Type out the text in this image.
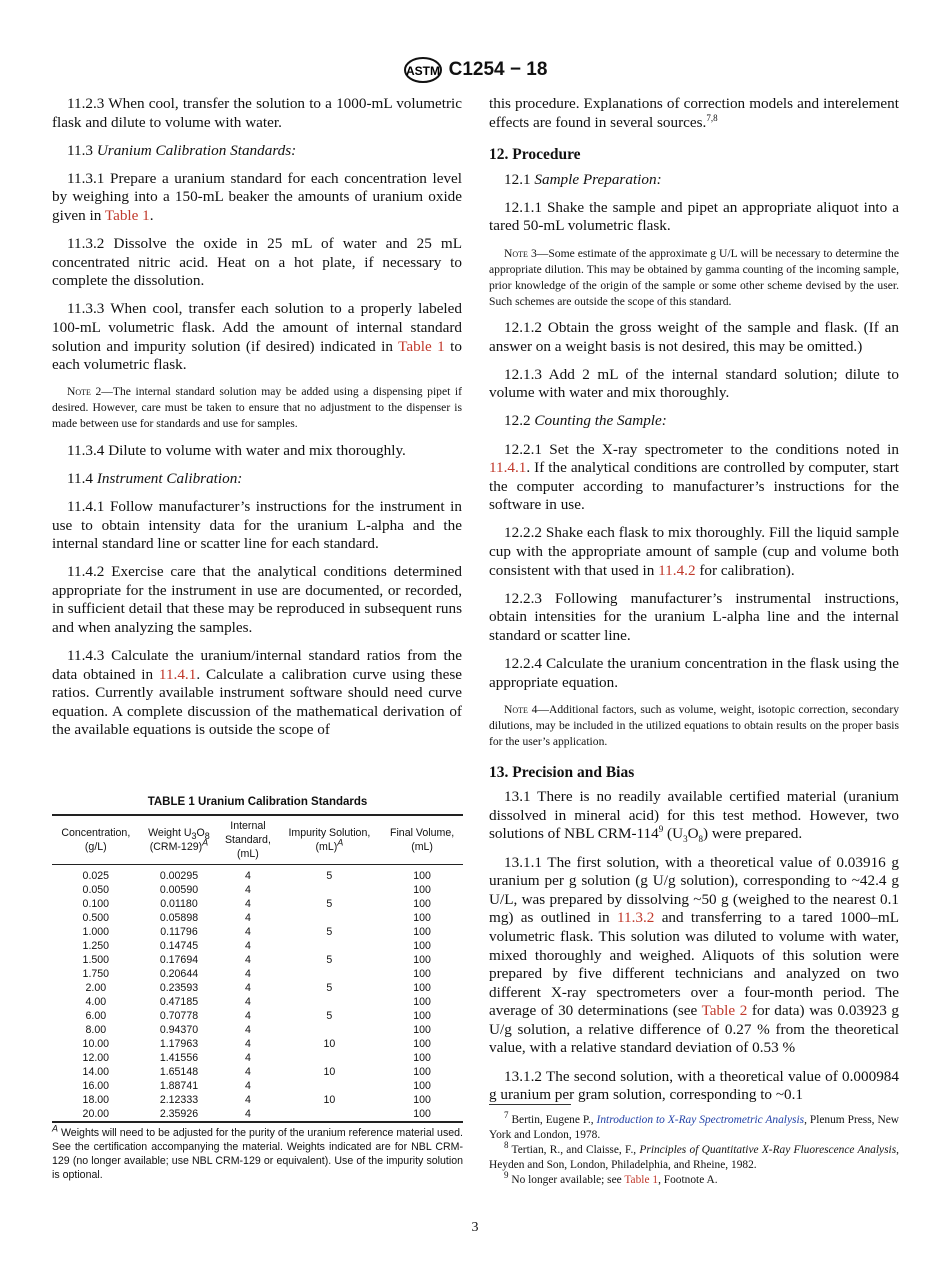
ASTM C1254 − 18

11.2.3 When cool, transfer the solution to a 1000-mL volumetric flask and dilute to volume with water.

11.3 Uranium Calibration Standards:

11.3.1 Prepare a uranium standard for each concentration level by weighing into a 150-mL beaker the amounts of uranium oxide given in Table 1.

11.3.2 Dissolve the oxide in 25 mL of water and 25 mL concentrated nitric acid. Heat on a hot plate, if necessary to complete the dissolution.

11.3.3 When cool, transfer each solution to a properly labeled 100-mL volumetric flask. Add the amount of internal standard solution and impurity solution (if desired) indicated in Table 1 to each volumetric flask.

Note 2—The internal standard solution may be added using a dispensing pipet if desired. However, care must be taken to ensure that no adjustment to the dispenser is made between use for standards and use for samples.

11.3.4 Dilute to volume with water and mix thoroughly.

11.4 Instrument Calibration:

11.4.1 Follow manufacturer’s instructions for the instrument in use to obtain intensity data for the uranium L-alpha and the internal standard line or scatter line for each standard.

11.4.2 Exercise care that the analytical conditions determined appropriate for the instrument in use are documented, or recorded, in sufficient detail that these may be reproduced in subsequent runs and when analyzing the samples.

11.4.3 Calculate the uranium/internal standard ratios from the data obtained in 11.4.1. Calculate a calibration curve using these ratios. Currently available instrument software should need curve equation. A complete discussion of the mathematical derivation of the available equations is outside the scope of

this procedure. Explanations of correction models and interelement effects are found in several sources.$^{7,8}$

12. Procedure

12.1 Sample Preparation:

12.1.1 Shake the sample and pipet an appropriate aliquot into a tared 50-mL volumetric flask.

Note 3—Some estimate of the approximate g U/L will be necessary to determine the appropriate dilution. This may be obtained by gamma counting of the incoming sample, prior knowledge of the origin of the sample or some other scheme devised by the user. Such schemes are outside the scope of this standard.

12.1.2 Obtain the gross weight of the sample and flask. (If an answer on a weight basis is not desired, this may be omitted.)

12.1.3 Add 2 mL of the internal standard solution; dilute to volume with water and mix thoroughly.

12.2 Counting the Sample:

12.2.1 Set the X-ray spectrometer to the conditions noted in 11.4.1. If the analytical conditions are controlled by computer, start the computer according to manufacturer’s instructions for the software in use.

12.2.2 Shake each flask to mix thoroughly. Fill the liquid sample cup with the appropriate amount of sample (cup and volume both consistent with that used in 11.4.2 for calibration).

12.2.3 Following manufacturer’s instrumental instructions, obtain intensities for the uranium L-alpha line and the internal standard or scatter line.

12.2.4 Calculate the uranium concentration in the flask using the appropriate equation.

Note 4—Additional factors, such as volume, weight, isotopic correction, secondary dilutions, may be included in the utilized equations to obtain results on the proper basis for the user’s application.

13. Precision and Bias

13.1 There is no readily available certified material (uranium dissolved in mineral acid) for this test method. However, two solutions of NBL CRM-$114^9$ $(U_3O_8)$ were prepared.

13.1.1 The first solution, with a theoretical value of 0.03916 g uranium per g solution (g U/g solution), corresponding to ~42.4 g U/L, was prepared by dissolving ~50 g (weighed to the nearest 0.1 mg) as outlined in 11.3.2 and transferring to a tared 1000–mL volumetric flask. This solution was diluted to volume with water, mixed thoroughly and weighed. Aliquots of this solution were prepared by five different technicians and analyzed on two different X-ray spectrometers over a four-month period. The average of 30 determinations (see Table 2 for data) was 0.03923 g U/g solution, a relative difference of 0.27 % from the theoretical value, with a relative standard deviation of 0.53 %

13.1.2 The second solution, with a theoretical value of 0.000984 g uranium per gram solution, corresponding to ~0.1

TABLE 1 Uranium Calibration Standards
Concentration,
(g/L)	Weight $U_3O_8$
$(CRM-129)^A$	Internal
Standard,
(mL)	Impurity Solution,
(mL)$^A$	Final Volume,
(mL)
0.025	0.00295	4	5	100
0.050	0.00590	4		100
0.100	0.01180	4	5	100
0.500	0.05898	4		100
1.000	0.11796	4	5	100
1.250	0.14745	4		100
1.500	0.17694	4	5	100
1.750	0.20644	4		100
2.00	0.23593	4	5	100
4.00	0.47185	4		100
6.00	0.70778	4	5	100
8.00	0.94370	4		100
10.00	1.17963	4	10	100
12.00	1.41556	4		100
14.00	1.65148	4	10	100
16.00	1.88741	4		100
18.00	2.12333	4	10	100
20.00	2.35926	4		100
$^A$ Weights will need to be adjusted for the purity of the uranium reference material used. See the certification accompanying the material. Weights indicated are for NBL CRM-129 (no longer available; use NBL CRM-129 or equivalent). Use of the impurity solution is optional.

$^7$ Bertin, Eugene P., Introduction to X-Ray Spectrometric Analysis, Plenum Press, New York and London, 1978.

$^8$ Tertian, R., and Claisse, F., Principles of Quantitative X-Ray Fluorescence Analysis, Heyden and Son, London, Philadelphia, and Rheine, 1982.

$^9$ No longer available; see Table 1, Footnote A.

3
